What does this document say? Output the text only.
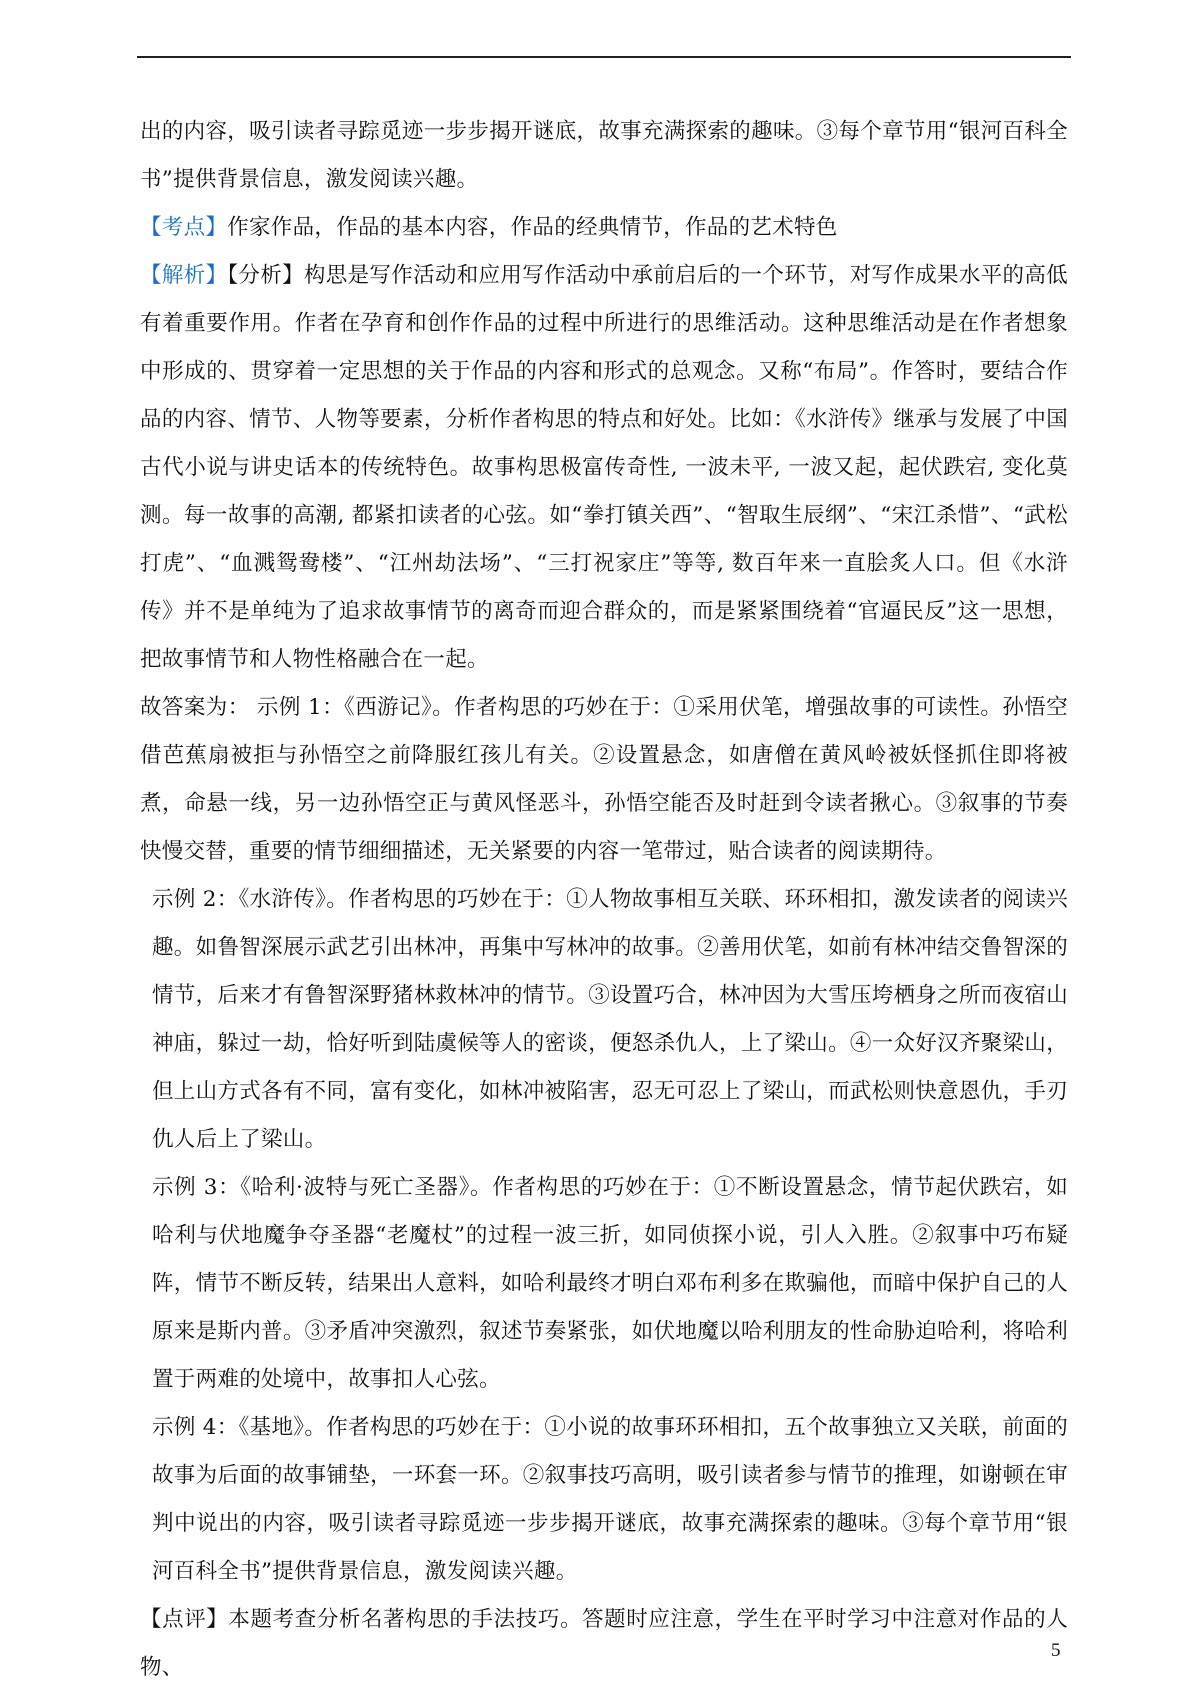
出的内容，吸引读者寻踪觅迹一步步揭开谜底，故事充满探索的趣味。③每个章节用“银河百科全书”提供背景信息，激发阅读兴趣。

【考点】作家作品，作品的基本内容，作品的经典情节，作品的艺术特色

【解析】【分析】构思是写作活动和应用写作活动中承前启后的一个环节，对写作成果水平的高低有着重要作用。作者在孕育和创作作品的过程中所进行的思维活动。这种思维活动是在作者想象中形成的、贯穿着一定思想的关于作品的内容和形式的总观念。又称“布局”。作答时，要结合作品的内容、情节、人物等要素，分析作者构思的特点和好处。比如：《水浒传》继承与发展了中国古代小说与讲史话本的传统特色。故事构思极富传奇性, 一波未平, 一波又起，起伏跌宕, 变化莫测。每一故事的高潮, 都紧扣读者的心弦。如“拳打镇关西”、“智取生辰纲”、“宋江杀惜”、“武松打虎”、“血溅鸳鸯楼”、“江州劫法场”、“三打祝家庄”等等, 数百年来一直脍炙人口。但《水浒传》并不是单纯为了追求故事情节的离奇而迎合群众的，而是紧紧围绕着“官逼民反”这一思想，把故事情节和人物性格融合在一起。

故答案为： 示例 1：《西游记》。作者构思的巧妙在于：①采用伏笔，增强故事的可读性。孙悟空借芭蕉扇被拒与孙悟空之前降服红孩儿有关。②设置悬念，如唐僧在黄风岭被妖怪抓住即将被煮，命悬一线，另一边孙悟空正与黄风怪恶斗，孙悟空能否及时赶到令读者揪心。③叙事的节奏快慢交替，重要的情节细细描述，无关紧要的内容一笔带过，贴合读者的阅读期待。

示例 2：《水浒传》。作者构思的巧妙在于：①人物故事相互关联、环环相扣，激发读者的阅读兴趣。如鲁智深展示武艺引出林冲，再集中写林冲的故事。②善用伏笔，如前有林冲结交鲁智深的情节，后来才有鲁智深野猪林救林冲的情节。③设置巧合，林冲因为大雪压垮栖身之所而夜宿山神庙，躲过一劫，恰好听到陆虞候等人的密谈，便怒杀仇人，上了梁山。④一众好汉齐聚梁山，但上山方式各有不同，富有变化，如林冲被陷害，忍无可忍上了梁山，而武松则快意恩仇，手刃仇人后上了梁山。

示例 3：《哈利·波特与死亡圣器》。作者构思的巧妙在于：①不断设置悬念，情节起伏跌宕，如哈利与伏地魔争夺圣器“老魔杖”的过程一波三折，如同侦探小说，引人入胜。②叙事中巧布疑阵，情节不断反转，结果出人意料，如哈利最终才明白邓布利多在欺骗他，而暗中保护自己的人原来是斯内普。③矛盾冲突激烈，叙述节奏紧张，如伏地魔以哈利朋友的性命胁迫哈利，将哈利置于两难的处境中，故事扣人心弦。

示例 4：《基地》。作者构思的巧妙在于：①小说的故事环环相扣，五个故事独立又关联，前面的故事为后面的故事铺垫，一环套一环。②叙事技巧高明，吸引读者参与情节的推理，如谢顿在审判中说出的内容，吸引读者寻踪觅迹一步步揭开谜底，故事充满探索的趣味。③每个章节用“银河百科全书”提供背景信息，激发阅读兴趣。

【点评】本题考查分析名著构思的手法技巧。答题时应注意，学生在平时学习中注意对作品的人物、

5
